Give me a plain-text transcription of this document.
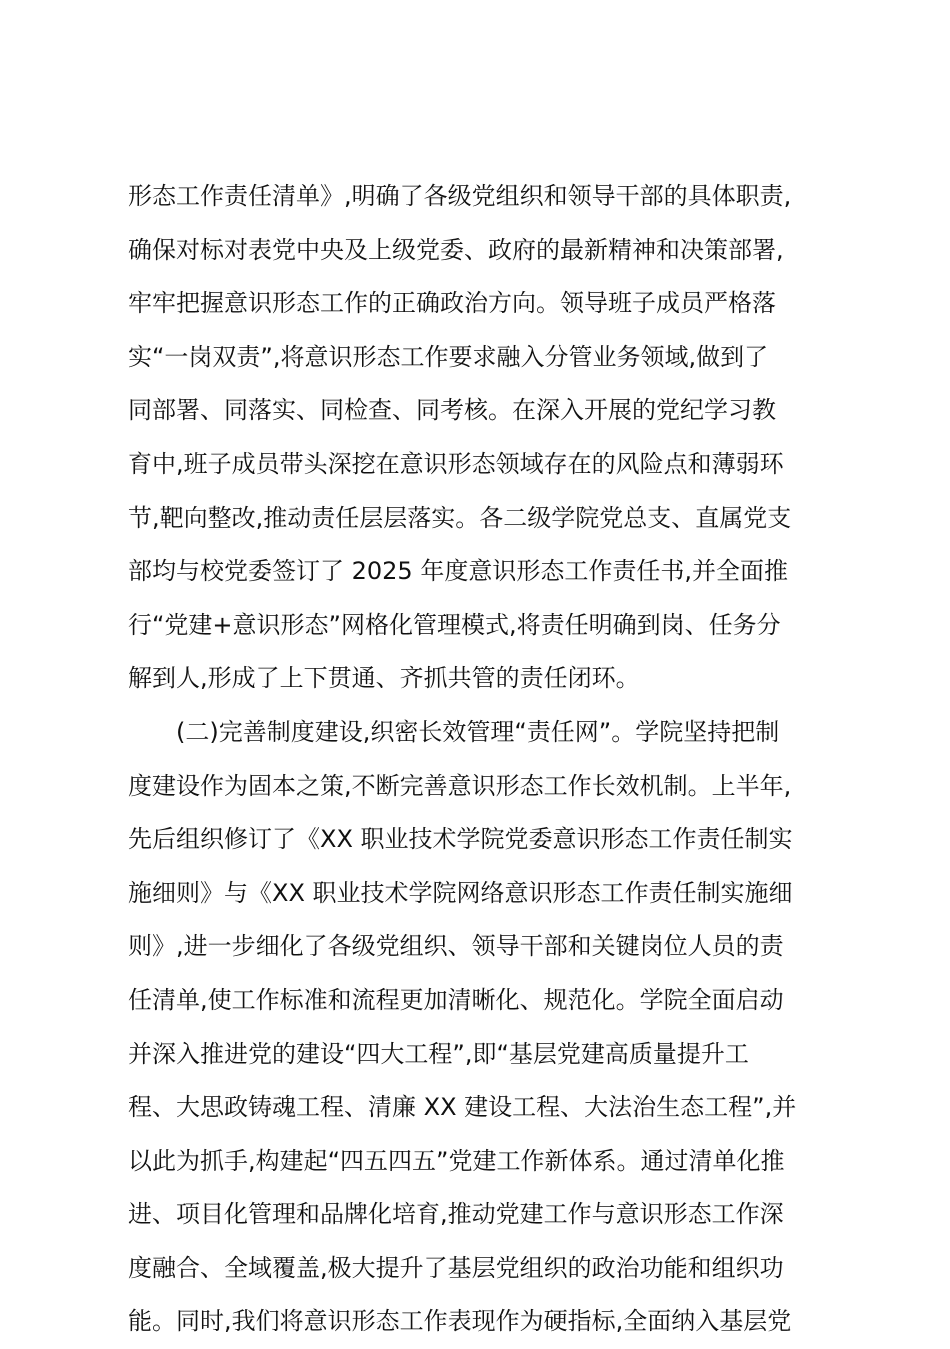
形态工作责任清单》,明确了各级党组织和领导干部的具体职责,
确保对标对表党中央及上级党委、政府的最新精神和决策部署,
牢牢把握意识形态工作的正确政治方向。领导班子成员严格落
实“一岗双责”,将意识形态工作要求融入分管业务领域,做到了
同部署、同落实、同检查、同考核。在深入开展的党纪学习教
育中,班子成员带头深挖在意识形态领域存在的风险点和薄弱环
节,靶向整改,推动责任层层落实。各二级学院党总支、直属党支
部均与校党委签订了 2025 年度意识形态工作责任书,并全面推
行“党建+意识形态”网格化管理模式,将责任明确到岗、任务分
解到人,形成了上下贯通、齐抓共管的责任闭环。
(二)完善制度建设,织密长效管理“责任网”。学院坚持把制
度建设作为固本之策,不断完善意识形态工作长效机制。上半年,
先后组织修订了《XX 职业技术学院党委意识形态工作责任制实
施细则》与《XX 职业技术学院网络意识形态工作责任制实施细
则》,进一步细化了各级党组织、领导干部和关键岗位人员的责
任清单,使工作标准和流程更加清晰化、规范化。学院全面启动
并深入推进党的建设“四大工程”,即“基层党建高质量提升工
程、大思政铸魂工程、清廉 XX 建设工程、大法治生态工程”,并
以此为抓手,构建起“四五四五”党建工作新体系。通过清单化推
进、项目化管理和品牌化培育,推动党建工作与意识形态工作深
度融合、全域覆盖,极大提升了基层党组织的政治功能和组织功
能。同时,我们将意识形态工作表现作为硬指标,全面纳入基层党
